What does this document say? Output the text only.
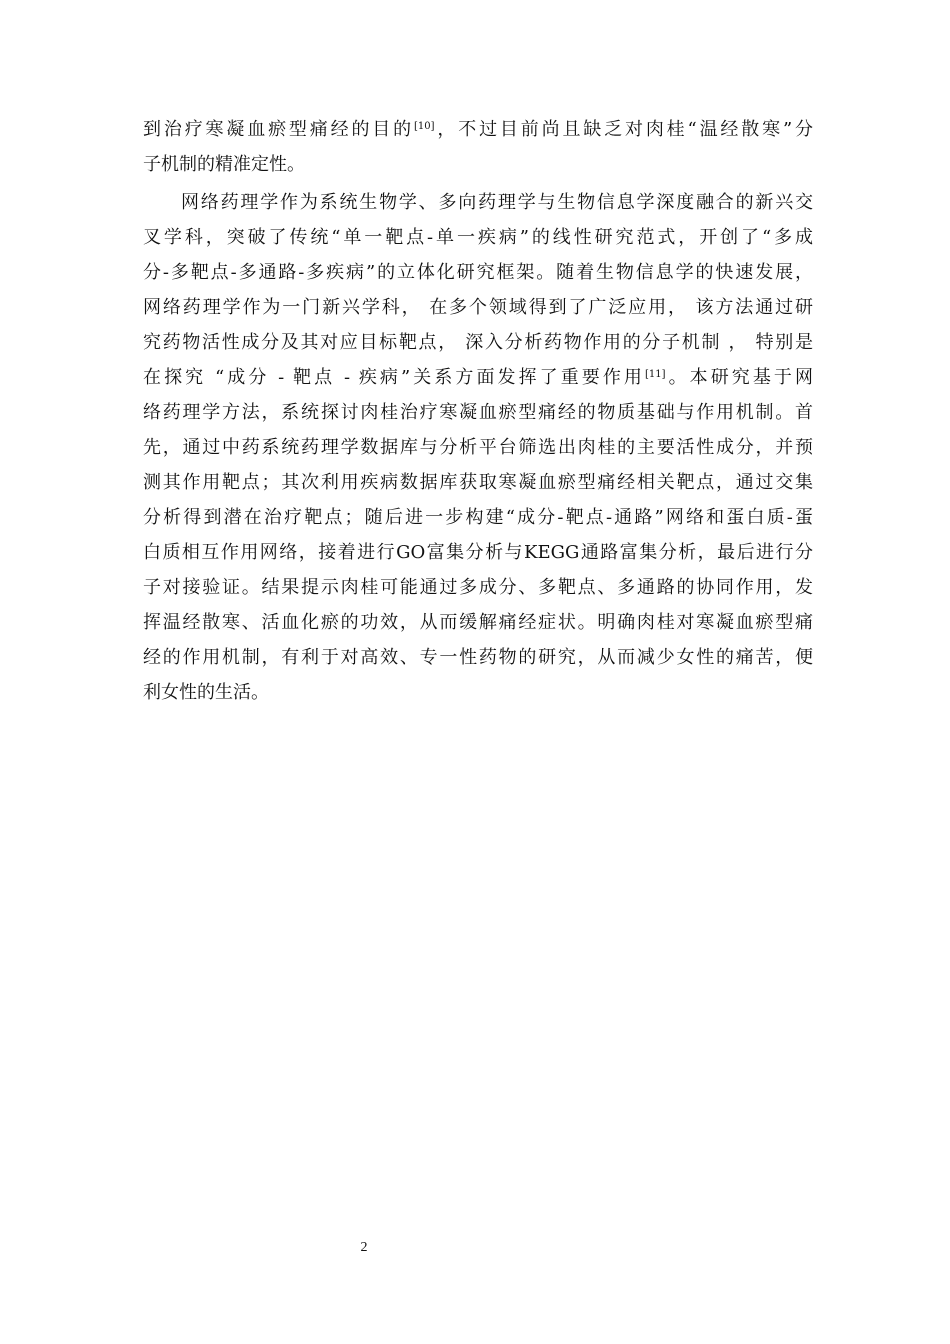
到治疗寒凝血瘀型痛经的目的[10]，不过目前尚且缺乏对肉桂“温经散寒”分
子机制的精准定性。
网络药理学作为系统生物学、多向药理学与生物信息学深度融合的新兴交
叉学科，突破了传统“单一靶点-单一疾病”的线性研究范式，开创了“多成
分-多靶点-多通路-多疾病”的立体化研究框架。随着生物信息学的快速发展，
网络药理学作为一门新兴学科， 在多个领域得到了广泛应用， 该方法通过研
究药物活性成分及其对应目标靶点， 深入分析药物作用的分子机制 ， 特别是
在探究 “成分 - 靶点 - 疾病”关系方面发挥了重要作用[11]。本研究基于网
络药理学方法，系统探讨肉桂治疗寒凝血瘀型痛经的物质基础与作用机制。首
先，通过中药系统药理学数据库与分析平台筛选出肉桂的主要活性成分，并预
测其作用靶点；其次利用疾病数据库获取寒凝血瘀型痛经相关靶点，通过交集
分析得到潜在治疗靶点；随后进一步构建“成分-靶点-通路”网络和蛋白质-蛋
白质相互作用网络，接着进行GO富集分析与KEGG通路富集分析，最后进行分
子对接验证。结果提示肉桂可能通过多成分、多靶点、多通路的协同作用，发
挥温经散寒、活血化瘀的功效，从而缓解痛经症状。明确肉桂对寒凝血瘀型痛
经的作用机制，有利于对高效、专一性药物的研究，从而减少女性的痛苦，便
利女性的生活。
2
